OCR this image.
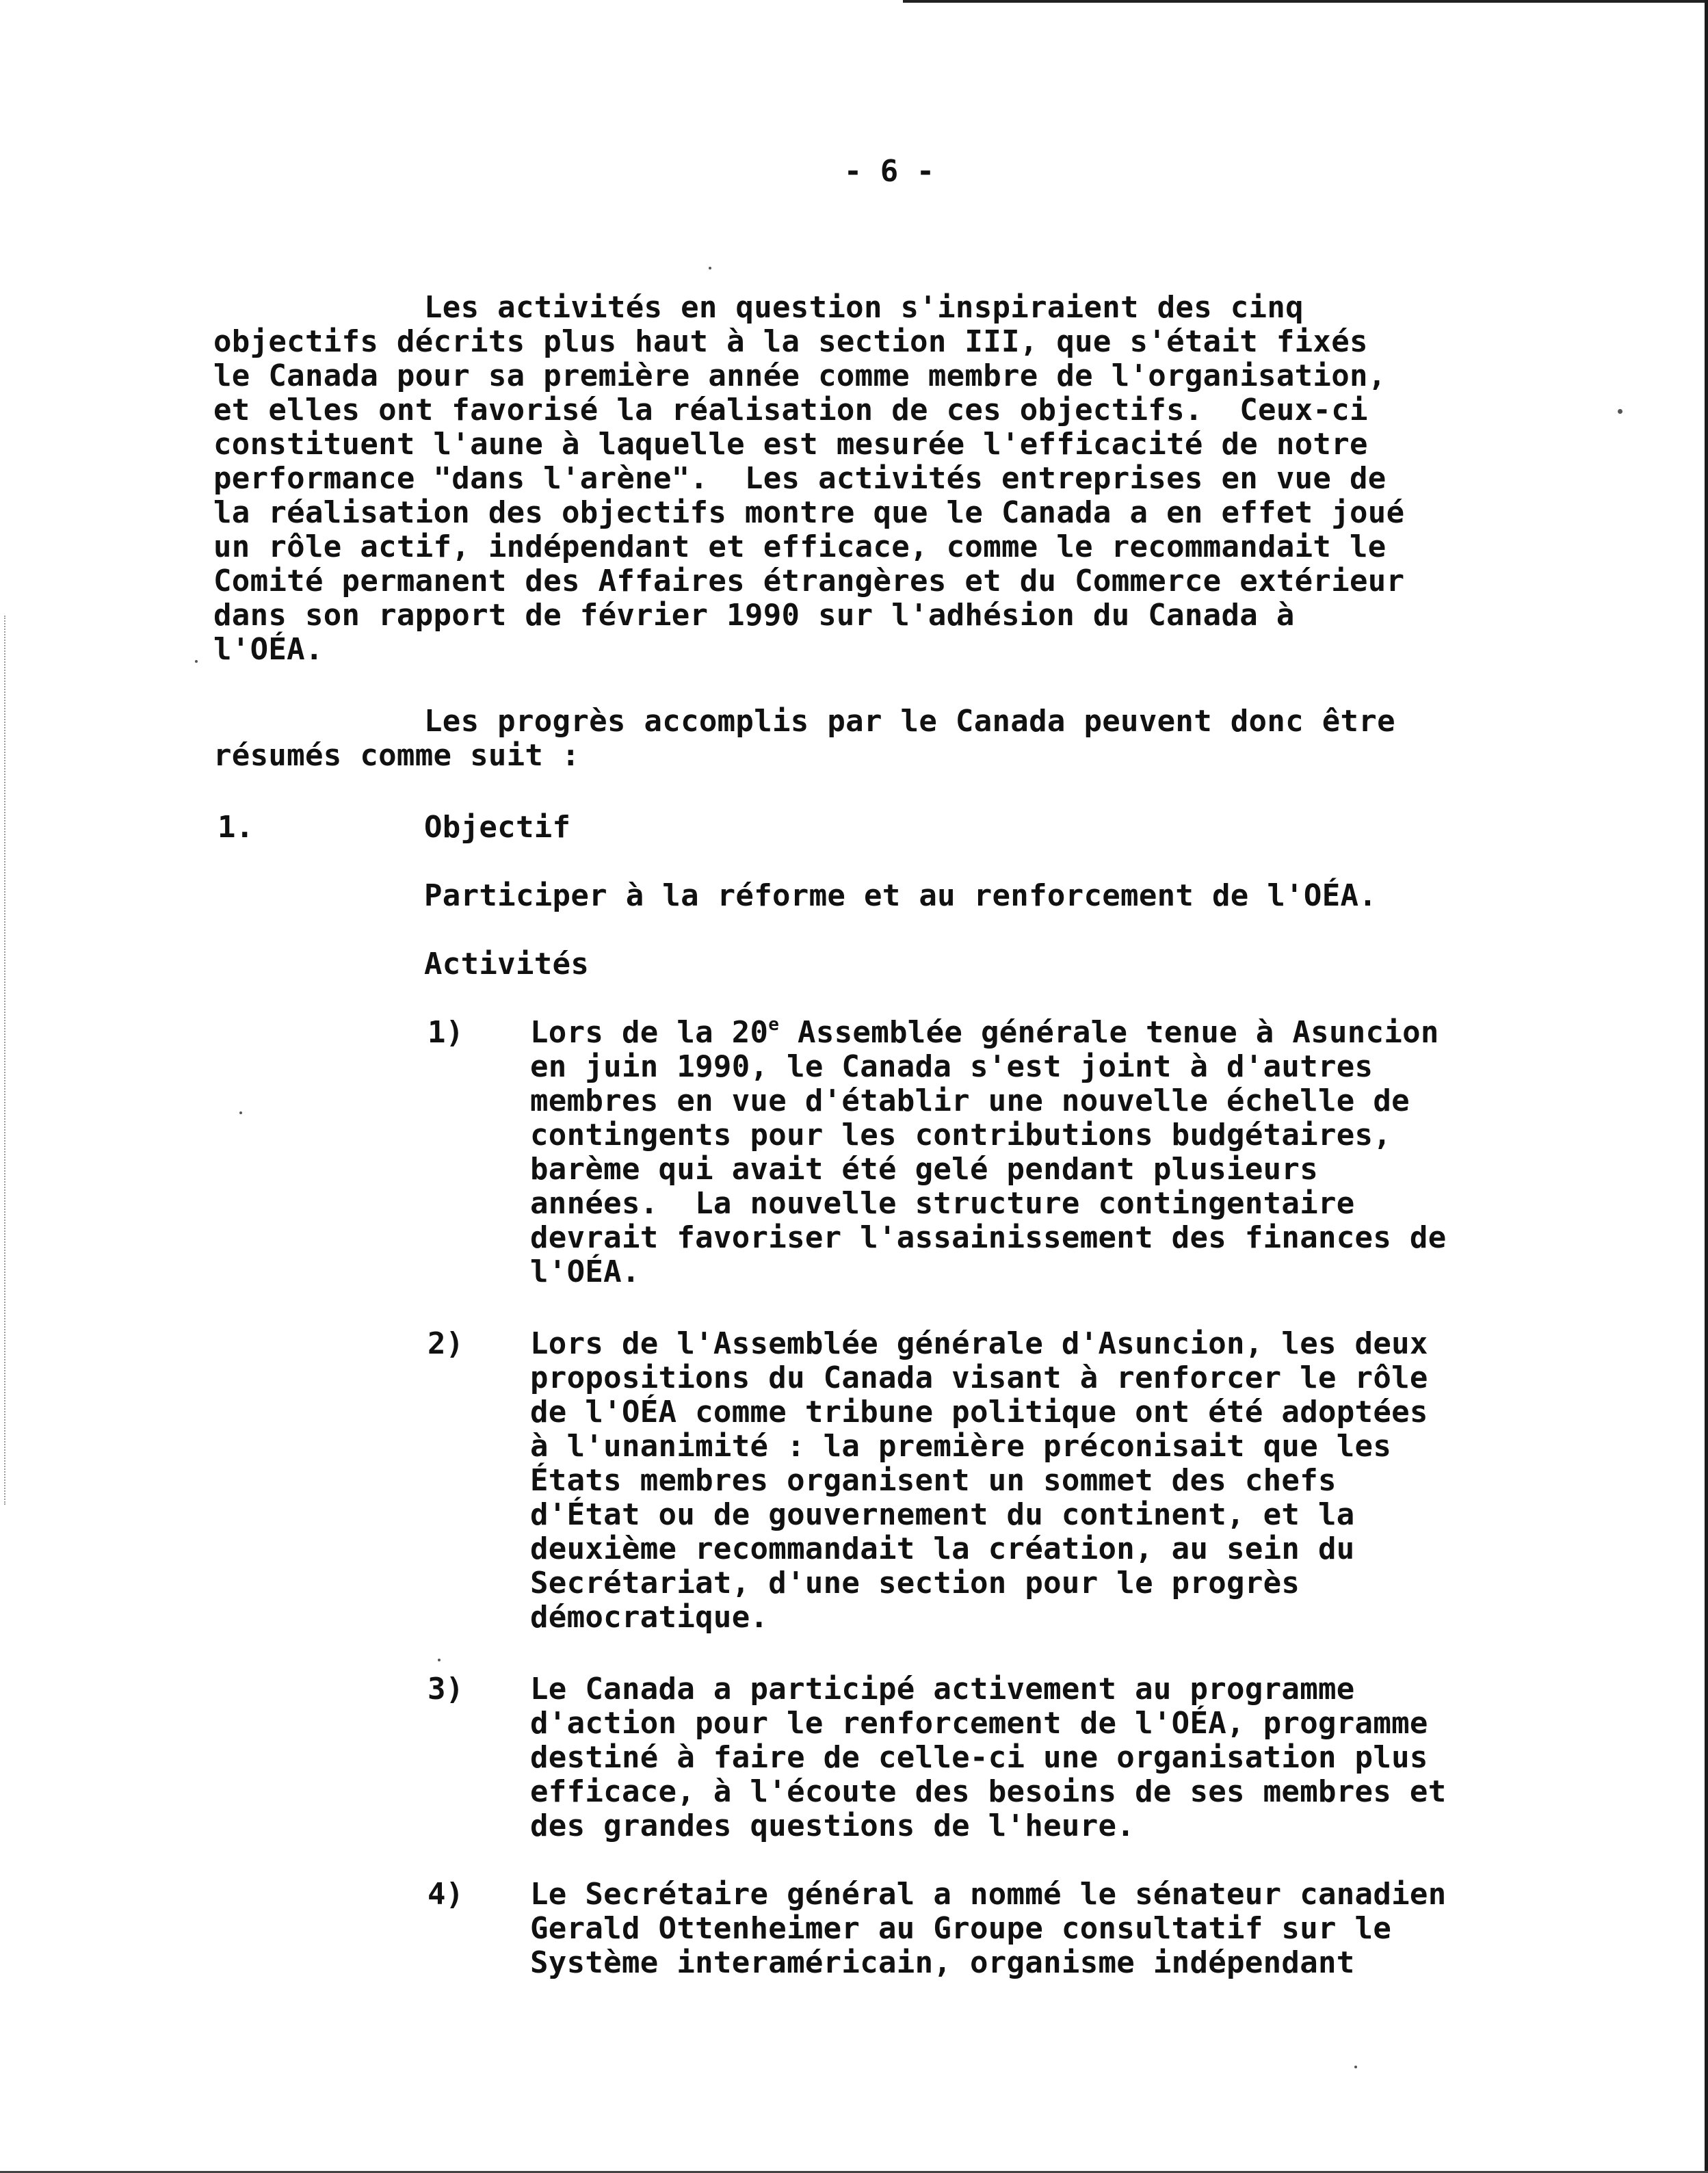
- 6 -
Les activités en question s'inspiraient des cinq
objectifs décrits plus haut à la section III, que s'était fixés
le Canada pour sa première année comme membre de l'organisation,
et elles ont favorisé la réalisation de ces objectifs.  Ceux-ci
constituent l'aune à laquelle est mesurée l'efficacité de notre
performance "dans l'arène".  Les activités entreprises en vue de
la réalisation des objectifs montre que le Canada a en effet joué
un rôle actif, indépendant et efficace, comme le recommandait le
Comité permanent des Affaires étrangères et du Commerce extérieur
dans son rapport de février 1990 sur l'adhésion du Canada à
l'OÉA.
Les progrès accomplis par le Canada peuvent donc être
résumés comme suit :
1.	Objectif
Participer à la réforme et au renforcement de l'OÉA.
Activités
1) Lors de la 20e Assemblée générale tenue à Asuncion
en juin 1990, le Canada s'est joint à d'autres
membres en vue d'établir une nouvelle échelle de
contingents pour les contributions budgétaires,
barème qui avait été gelé pendant plusieurs
années.  La nouvelle structure contingentaire
devrait favoriser l'assainissement des finances de
l'OÉA.
2) Lors de l'Assemblée générale d'Asuncion, les deux
propositions du Canada visant à renforcer le rôle
de l'OÉA comme tribune politique ont été adoptées
à l'unanimité : la première préconisait que les
États membres organisent un sommet des chefs
d'État ou de gouvernement du continent, et la
deuxième recommandait la création, au sein du
Secrétariat, d'une section pour le progrès
démocratique.
3) Le Canada a participé activement au programme
d'action pour le renforcement de l'OÉA, programme
destiné à faire de celle-ci une organisation plus
efficace, à l'écoute des besoins de ses membres et
des grandes questions de l'heure.
4) Le Secrétaire général a nommé le sénateur canadien
Gerald Ottenheimer au Groupe consultatif sur le
Système interaméricain, organisme indépendant
